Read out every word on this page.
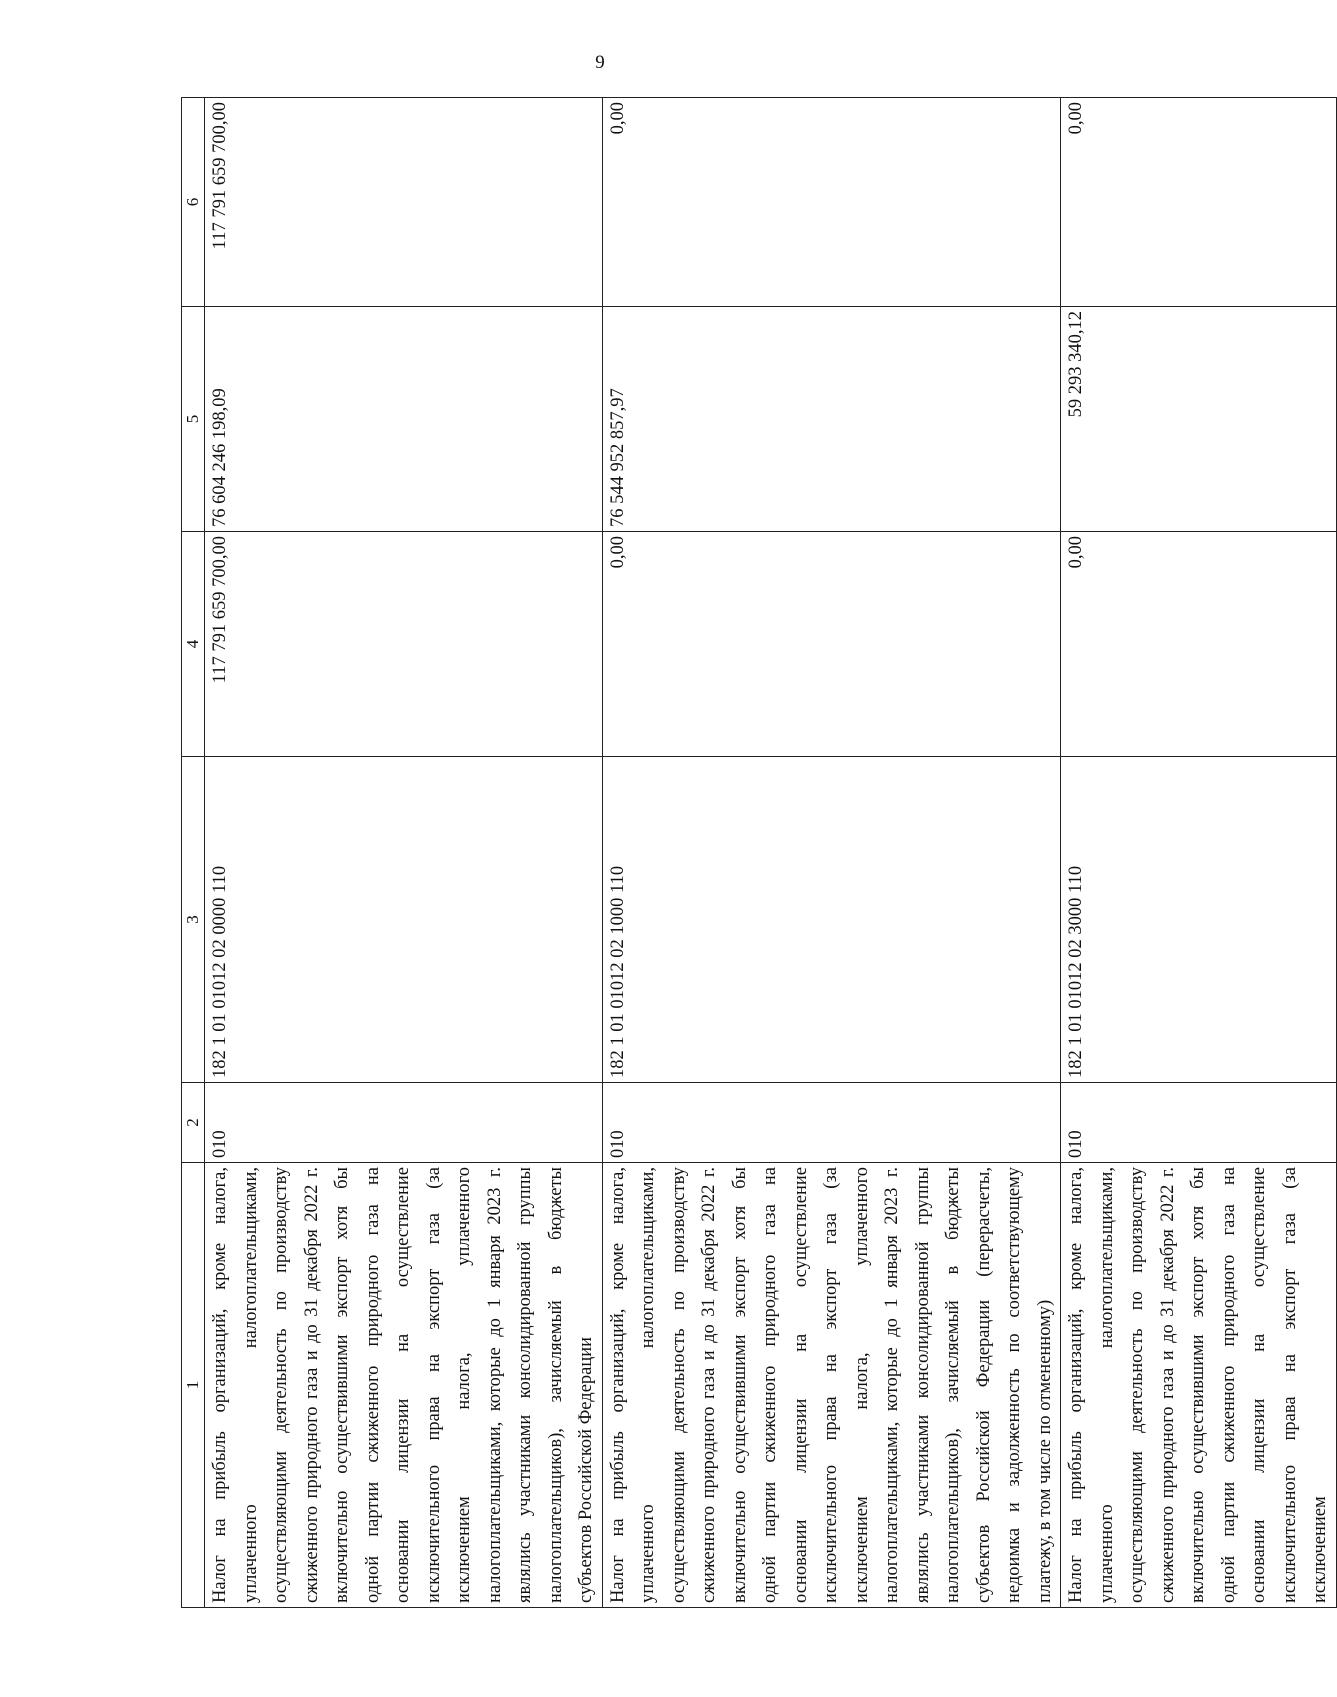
9
1	2	3	4	5	6
Налог на прибыль организаций, кроме налога, уплаченного налогоплательщиками, осуществляющими деятельность по производству сжиженного природного газа и до 31 декабря 2022 г. включительно осуществившими экспорт хотя бы одной партии сжиженного природного газа на основании лицензии на осуществление исключительного права на экспорт газа (за исключением налога, уплаченного налогоплательщиками, которые до 1 января 2023 г. являлись участниками консолидированной группы налогоплательщиков), зачисляемый в бюджеты субъектов Российской Федерации	010	182 1 01 01012 02 0000 110	117 791 659 700,00	76 604 246 198,09	117 791 659 700,00
Налог на прибыль организаций, кроме налога, уплаченного налогоплательщиками, осуществляющими деятельность по производству сжиженного природного газа и до 31 декабря 2022 г. включительно осуществившими экспорт хотя бы одной партии сжиженного природного газа на основании лицензии на осуществление исключительного права на экспорт газа (за исключением налога, уплаченного налогоплательщиками, которые до 1 января 2023 г. являлись участниками консолидированной группы налогоплательщиков), зачисляемый в бюджеты субъектов Российской Федерации (перерасчеты, недоимка и задолженность по соответствующему платежу, в том числе по отмененному)	010	182 1 01 01012 02 1000 110	0,00	76 544 952 857,97	0,00
Налог на прибыль организаций, кроме налога, уплаченного налогоплательщиками, осуществляющими деятельность по производству сжиженного природного газа и до 31 декабря 2022 г. включительно осуществившими экспорт хотя бы одной партии сжиженного природного газа на основании лицензии на осуществление исключительного права на экспорт газа (за исключением	010	182 1 01 01012 02 3000 110	0,00	59 293 340,12	0,00
